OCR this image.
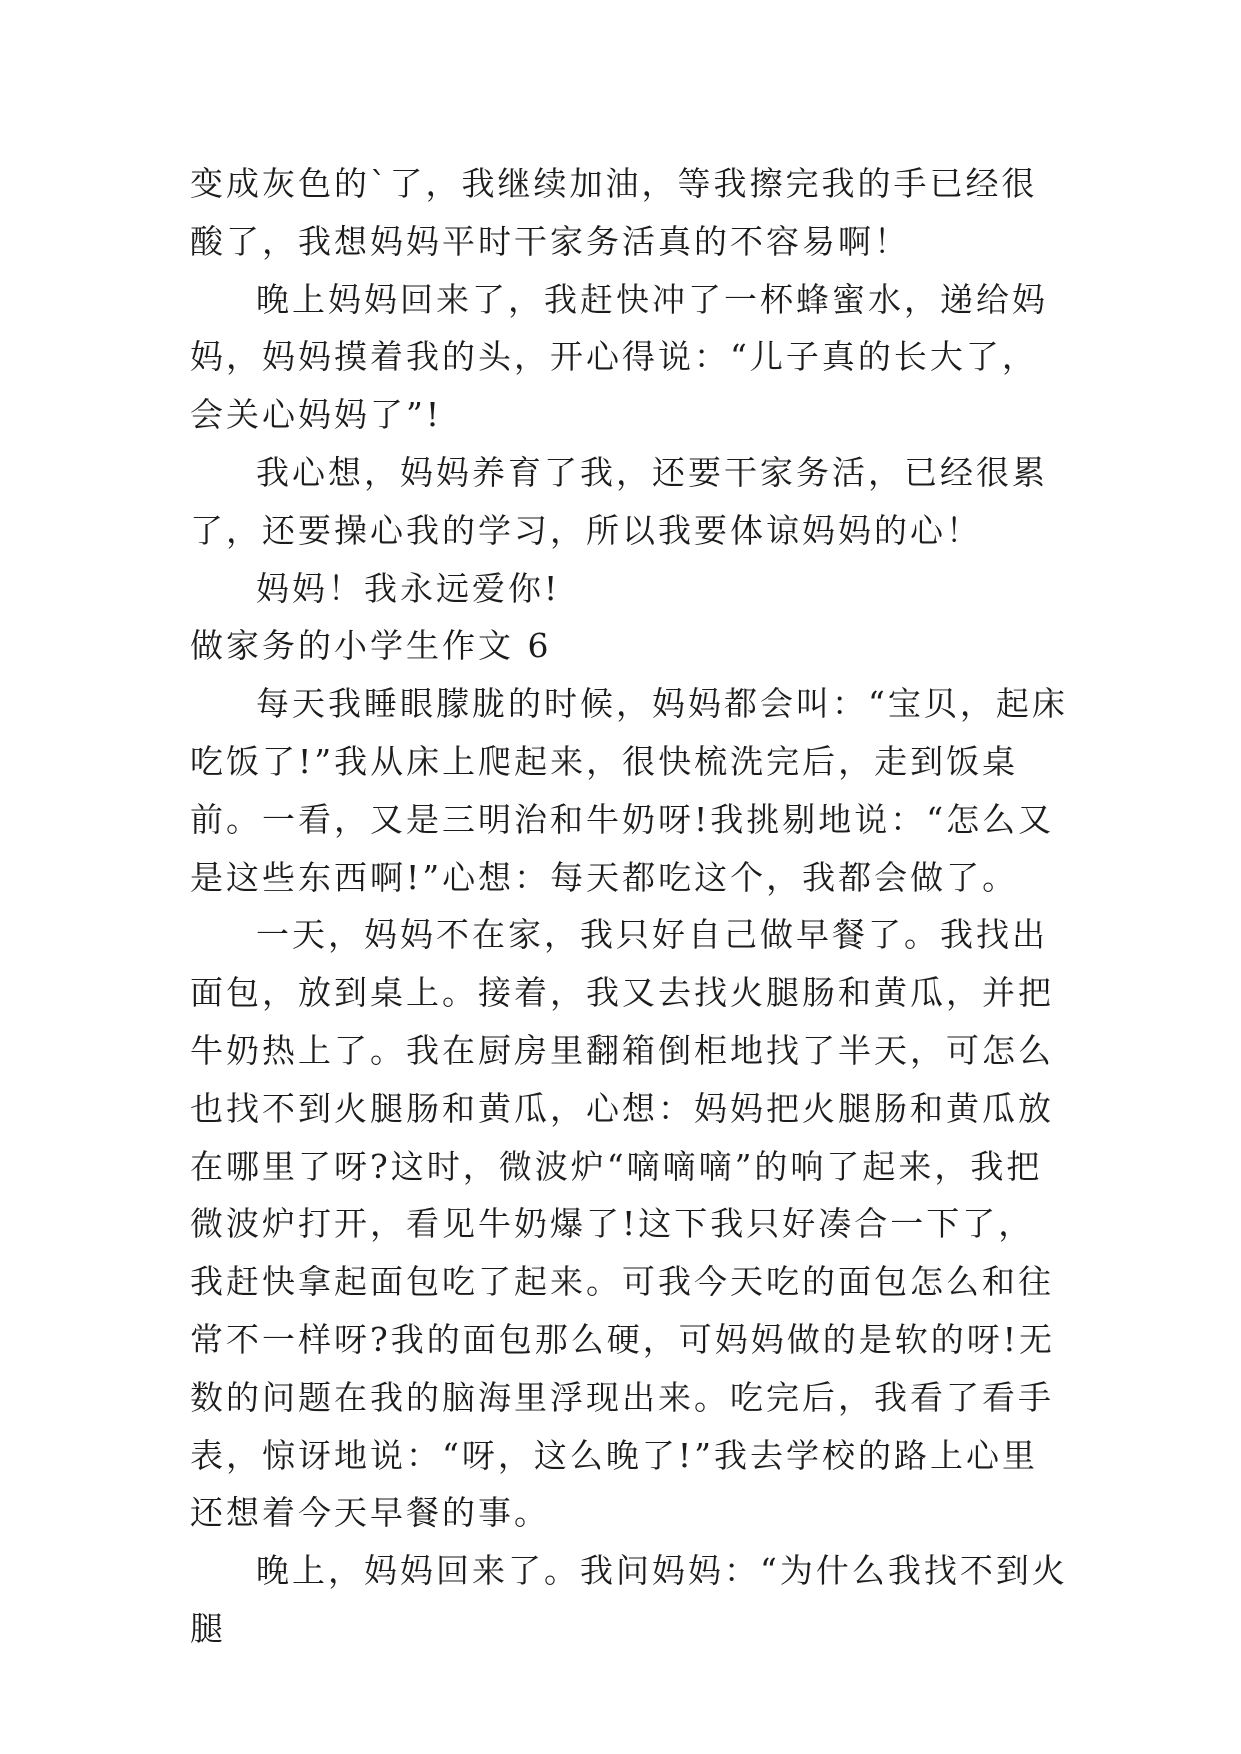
变成灰色的`了，我继续加油，等我擦完我的手已经很酸了，我想妈妈平时干家务活真的不容易啊！

晚上妈妈回来了，我赶快冲了一杯蜂蜜水，递给妈妈，妈妈摸着我的头，开心得说：“儿子真的长大了，会关心妈妈了”!

我心想，妈妈养育了我，还要干家务活，已经很累了，还要操心我的学习，所以我要体谅妈妈的心！

妈妈！我永远爱你!

做家务的小学生作文 6

每天我睡眼朦胧的时候，妈妈都会叫：“宝贝，起床吃饭了!”我从床上爬起来，很快梳洗完后，走到饭桌前。一看，又是三明治和牛奶呀!我挑剔地说：“怎么又是这些东西啊!”心想：每天都吃这个，我都会做了。

一天，妈妈不在家，我只好自己做早餐了。我找出面包，放到桌上。接着，我又去找火腿肠和黄瓜，并把牛奶热上了。我在厨房里翻箱倒柜地找了半天，可怎么也找不到火腿肠和黄瓜，心想：妈妈把火腿肠和黄瓜放在哪里了呀?这时，微波炉“嘀嘀嘀”的响了起来，我把微波炉打开，看见牛奶爆了!这下我只好凑合一下了，我赶快拿起面包吃了起来。可我今天吃的面包怎么和往常不一样呀?我的面包那么硬，可妈妈做的是软的呀!无数的问题在我的脑海里浮现出来。吃完后，我看了看手表，惊讶地说：“呀，这么晚了!”我去学校的路上心里还想着今天早餐的事。

晚上，妈妈回来了。我问妈妈：“为什么我找不到火腿
